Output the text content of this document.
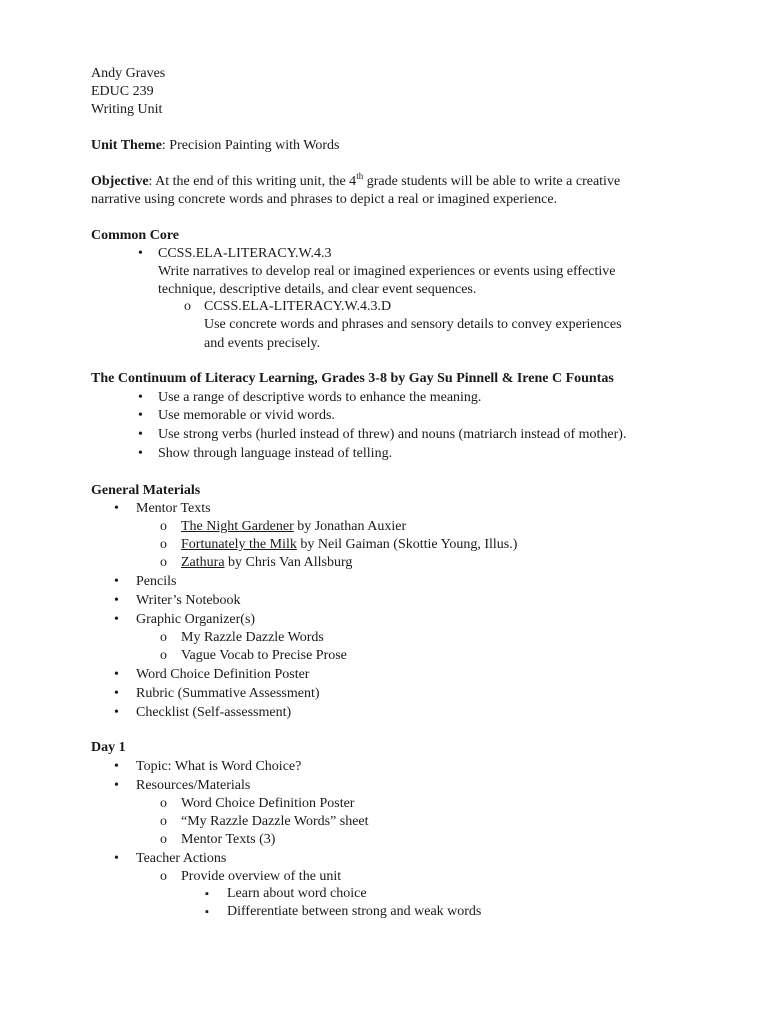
Andy Graves
EDUC 239
Writing Unit
Unit Theme: Precision Painting with Words
Objective: At the end of this writing unit, the 4th grade students will be able to write a creative
narrative using concrete words and phrases to depict a real or imagined experience.
Common Core
• CCSS.ELA-LITERACY.W.4.3
Write narratives to develop real or imagined experiences or events using effective
technique, descriptive details, and clear event sequences.
o CCSS.ELA-LITERACY.W.4.3.D
Use concrete words and phrases and sensory details to convey experiences
and events precisely.
The Continuum of Literacy Learning, Grades 3-8 by Gay Su Pinnell & Irene C Fountas
• Use a range of descriptive words to enhance the meaning.
• Use memorable or vivid words.
• Use strong verbs (hurled instead of threw) and nouns (matriarch instead of mother).
• Show through language instead of telling.
General Materials
• Mentor Texts
o The Night Gardener by Jonathan Auxier
o Fortunately the Milk by Neil Gaiman (Skottie Young, Illus.)
o Zathura by Chris Van Allsburg
• Pencils
• Writer’s Notebook
• Graphic Organizer(s)
o My Razzle Dazzle Words
o Vague Vocab to Precise Prose
• Word Choice Definition Poster
• Rubric (Summative Assessment)
• Checklist (Self-assessment)
Day 1
• Topic: What is Word Choice?
• Resources/Materials
o Word Choice Definition Poster
o “My Razzle Dazzle Words” sheet
o Mentor Texts (3)
• Teacher Actions
o Provide overview of the unit
▪ Learn about word choice
▪ Differentiate between strong and weak words
